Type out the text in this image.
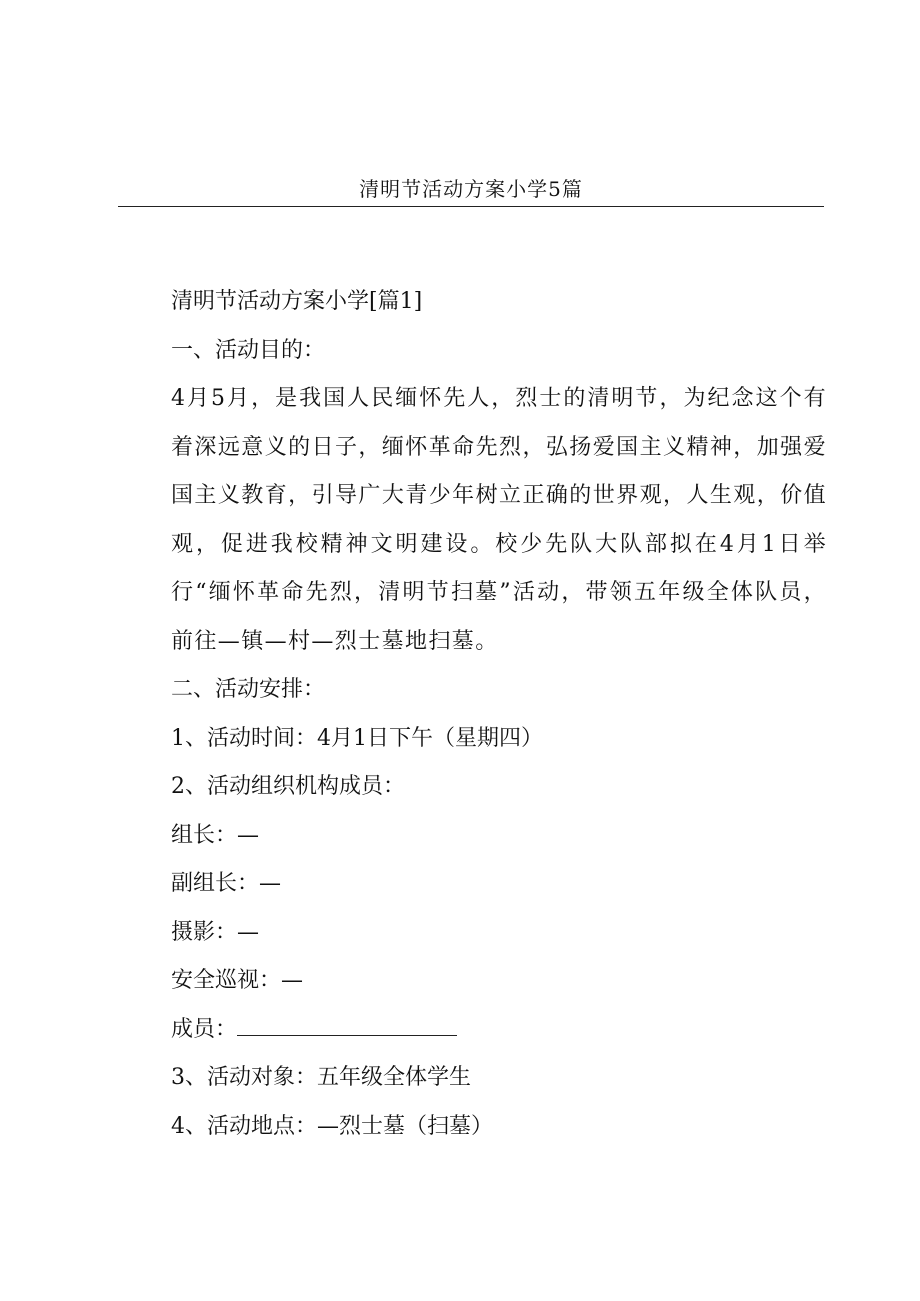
清明节活动方案小学5篇

清明节活动方案小学[篇1]

一、活动目的：

4月5月，是我国人民缅怀先人，烈士的清明节，为纪念这个有着深远意义的日子，缅怀革命先烈，弘扬爱国主义精神，加强爱国主义教育，引导广大青少年树立正确的世界观，人生观，价值观，促进我校精神文明建设。校少先队大队部拟在4月1日举行“缅怀革命先烈，清明节扫墓”活动，带领五年级全体队员，前往—镇—村—烈士墓地扫墓。

二、活动安排：

1、活动时间：4月1日下午（星期四）

2、活动组织机构成员：

组长：—

副组长：—

摄影：—

安全巡视：—

成员：

3、活动对象：五年级全体学生

4、活动地点：—烈士墓（扫墓）
